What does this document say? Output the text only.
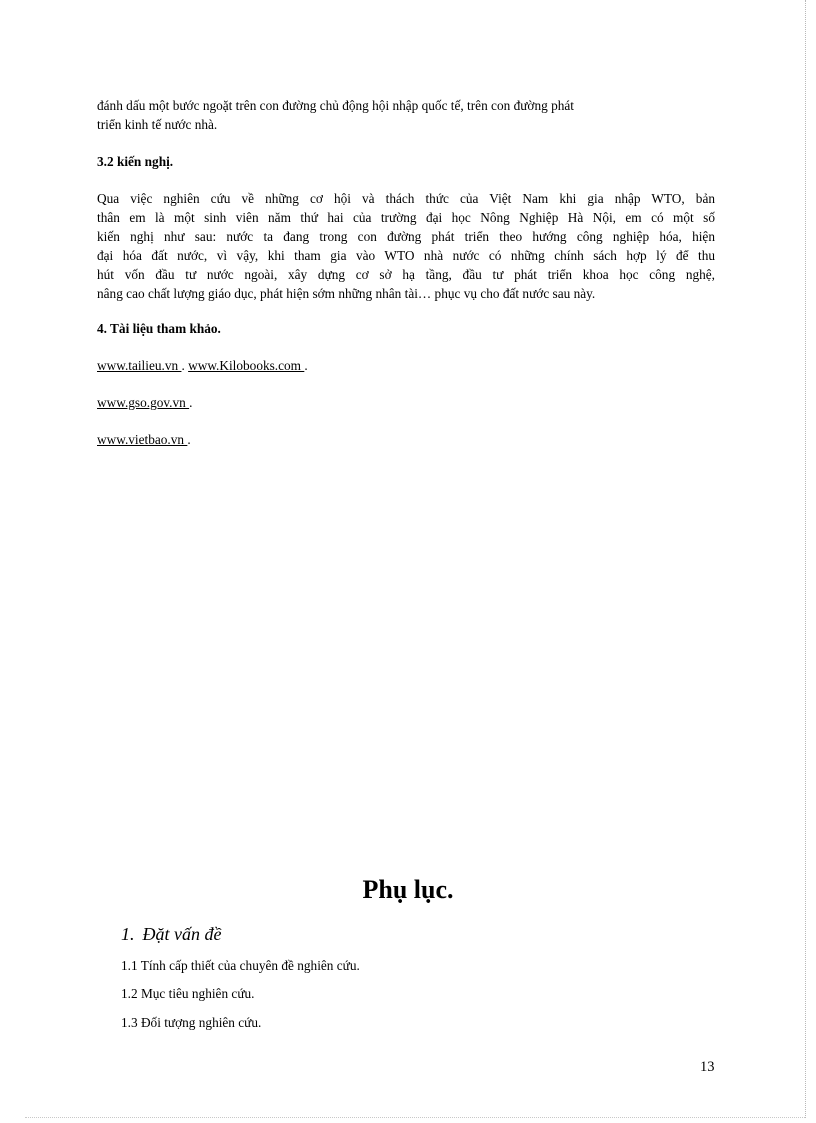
đánh dấu một bước ngoặt trên con đường chủ động hội nhập quốc tế, trên con đường phát
triển kinh tế nước nhà.
3.2 kiến nghị.
Qua việc nghiên cứu về những cơ hội và thách thức của Việt Nam khi gia nhập WTO, bản
thân em là một sinh viên năm thứ hai của trường đại học Nông Nghiệp Hà Nội, em có một số
kiến nghị như sau: nước ta đang trong con đường phát triển theo hướng công nghiệp hóa, hiện
đại hóa đất nước, vì vậy, khi tham gia vào WTO nhà nước có những chính sách hợp lý để thu
hút vốn đầu tư nước ngoài, xây dựng cơ sở hạ tầng, đầu tư phát triển khoa học công nghệ,
nâng cao chất lượng giáo dục, phát hiện sớm những nhân tài… phục vụ cho đất nước sau này.
4. Tài liệu tham khảo.
www.tailieu.vn . www.Kilobooks.com .
www.gso.gov.vn .
www.vietbao.vn .
Phụ lục.
1. Đặt vấn đề
1.1 Tính cấp thiết của chuyên đề nghiên cứu.
1.2 Mục tiêu nghiên cứu.
1.3 Đối tượng nghiên cứu.
13
